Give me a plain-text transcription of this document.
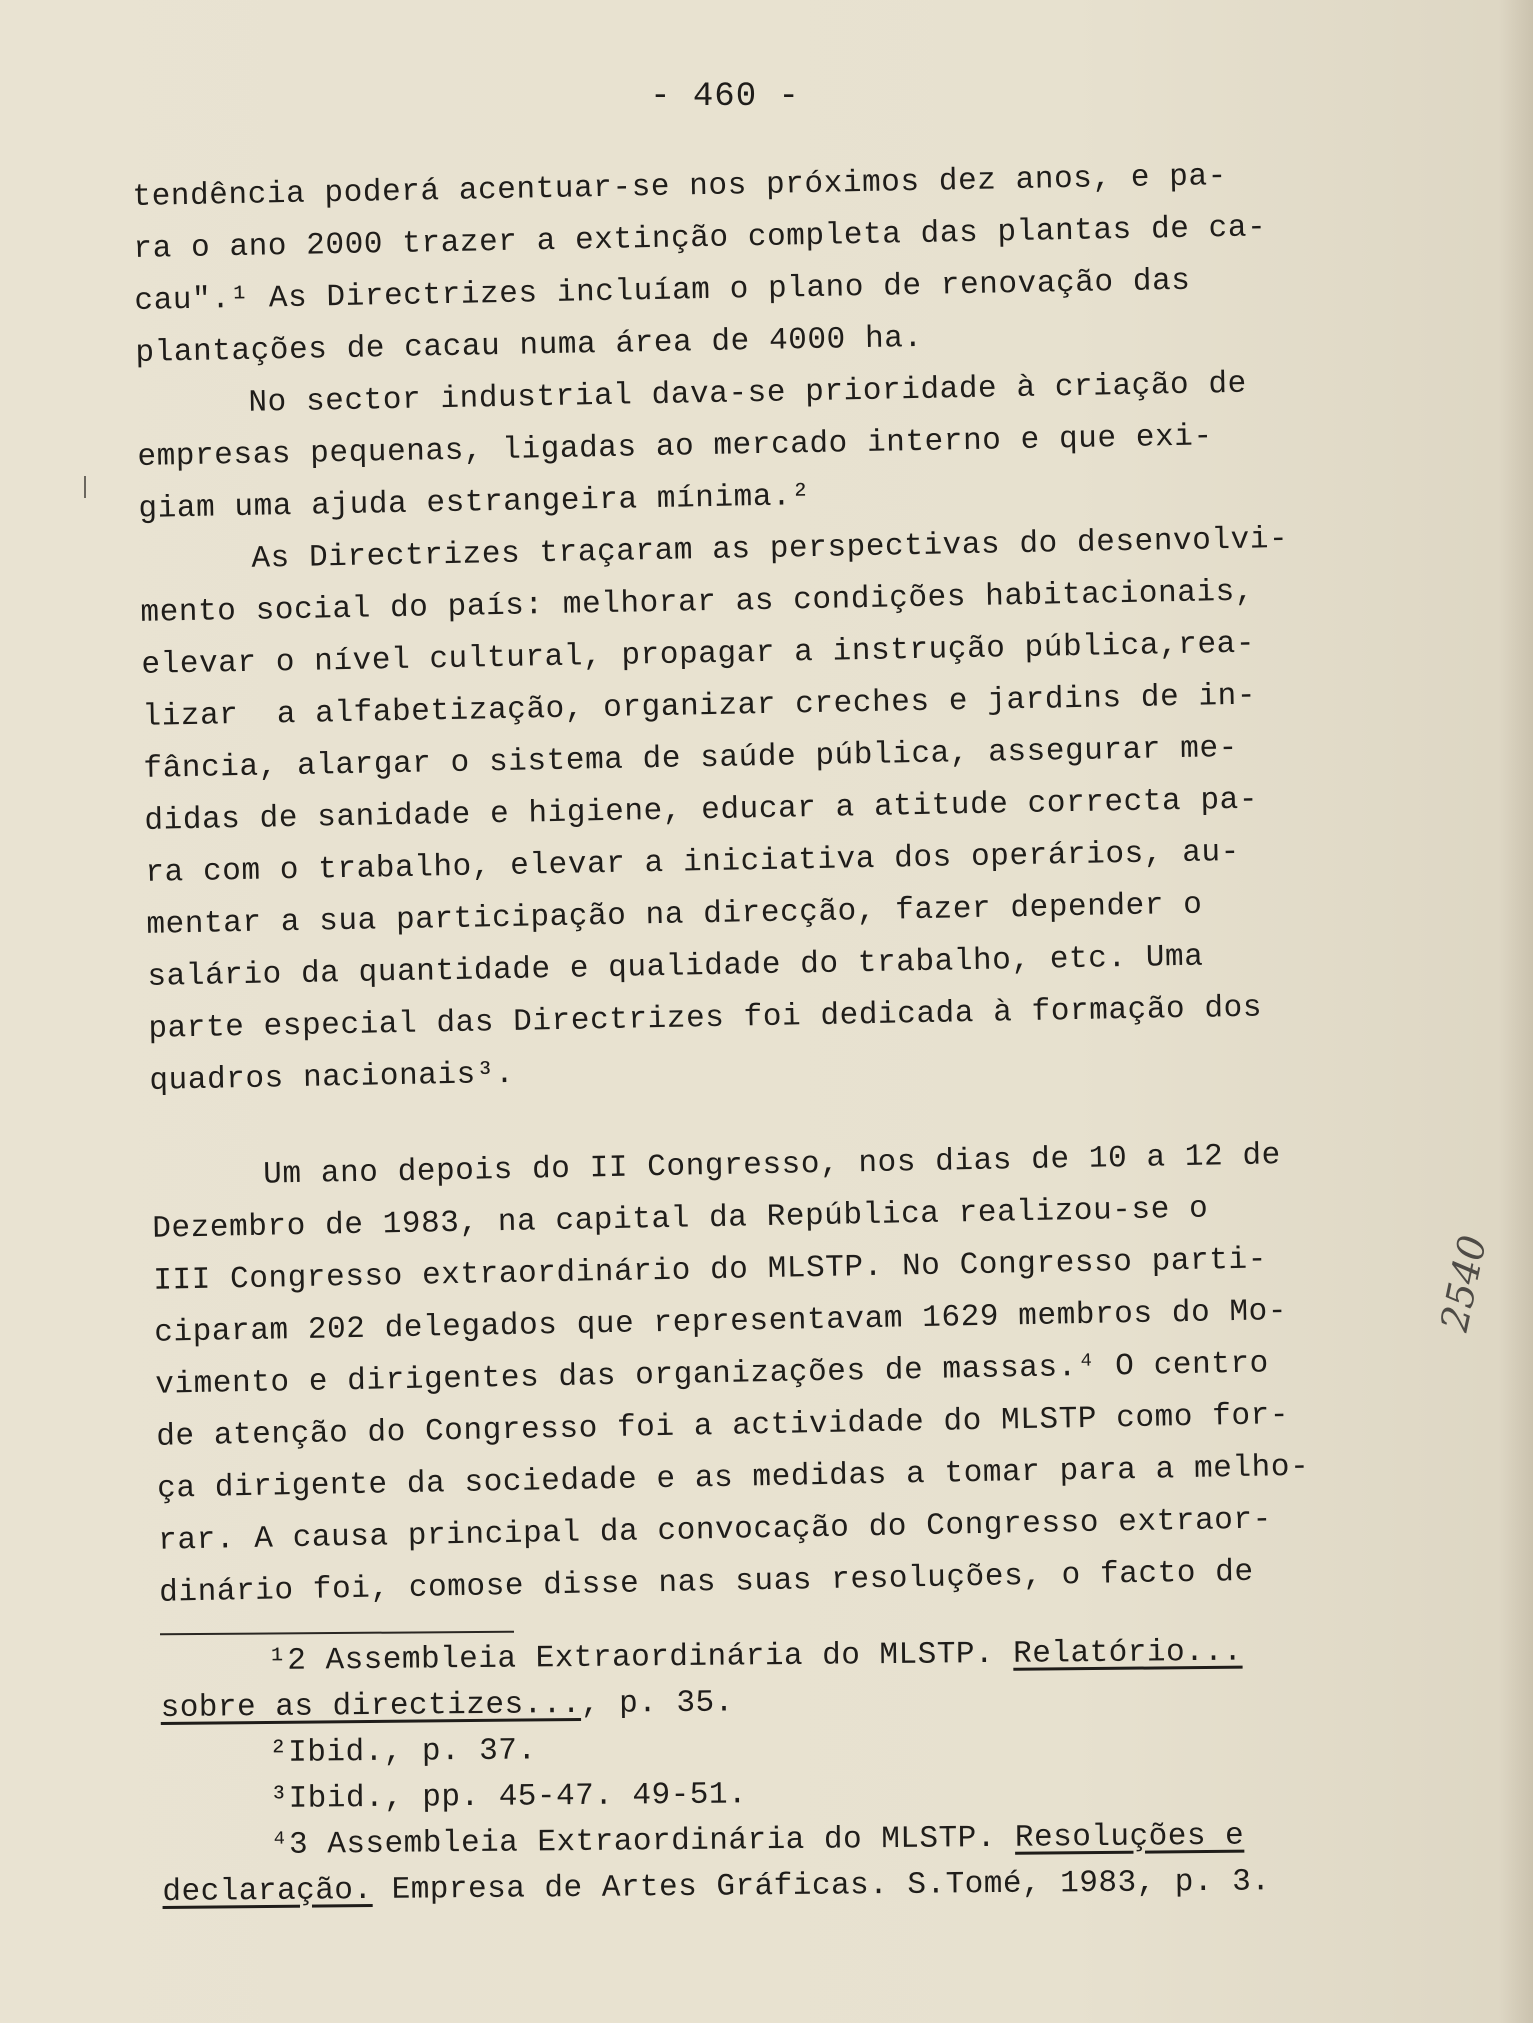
- 460 -
tendência poderá acentuar-se nos próximos dez anos, e pa-
ra o ano 2000 trazer a extinção completa das plantas de ca-
cau".¹ As Directrizes incluíam o plano de renovação das
plantações de cacau numa área de 4000 ha.
No sector industrial dava-se prioridade à criação de
empresas pequenas, ligadas ao mercado interno e que exi-
giam uma ajuda estrangeira mínima.²
As Directrizes traçaram as perspectivas do desenvolvi-
mento social do país: melhorar as condições habitacionais,
elevar o nível cultural, propagar a instrução pública,rea-
lizar  a alfabetização, organizar creches e jardins de in-
fância, alargar o sistema de saúde pública, assegurar me-
didas de sanidade e higiene, educar a atitude correcta pa-
ra com o trabalho, elevar a iniciativa dos operários, au-
mentar a sua participação na direcção, fazer depender o
salário da quantidade e qualidade do trabalho, etc. Uma
parte especial das Directrizes foi dedicada à formação dos
quadros nacionais³.
Um ano depois do II Congresso, nos dias de 10 a 12 de
Dezembro de 1983, na capital da República realizou-se o
III Congresso extraordinário do MLSTP. No Congresso parti-
ciparam 202 delegados que representavam 1629 membros do Mo-
vimento e dirigentes das organizações de massas.⁴ O centro
de atenção do Congresso foi a actividade do MLSTP como for-
ça dirigente da sociedade e as medidas a tomar para a melho-
rar. A causa principal da convocação do Congresso extraor-
dinário foi, comose disse nas suas resoluções, o facto de
¹2 Assembleia Extraordinária do MLSTP. Relatório...
sobre as directizes..., p. 35.
²Ibid., p. 37.
³Ibid., pp. 45-47. 49-51.
⁴3 Assembleia Extraordinária do MLSTP. Resoluções e
declaração. Empresa de Artes Gráficas. S.Tomé, 1983, p. 3.
2540
